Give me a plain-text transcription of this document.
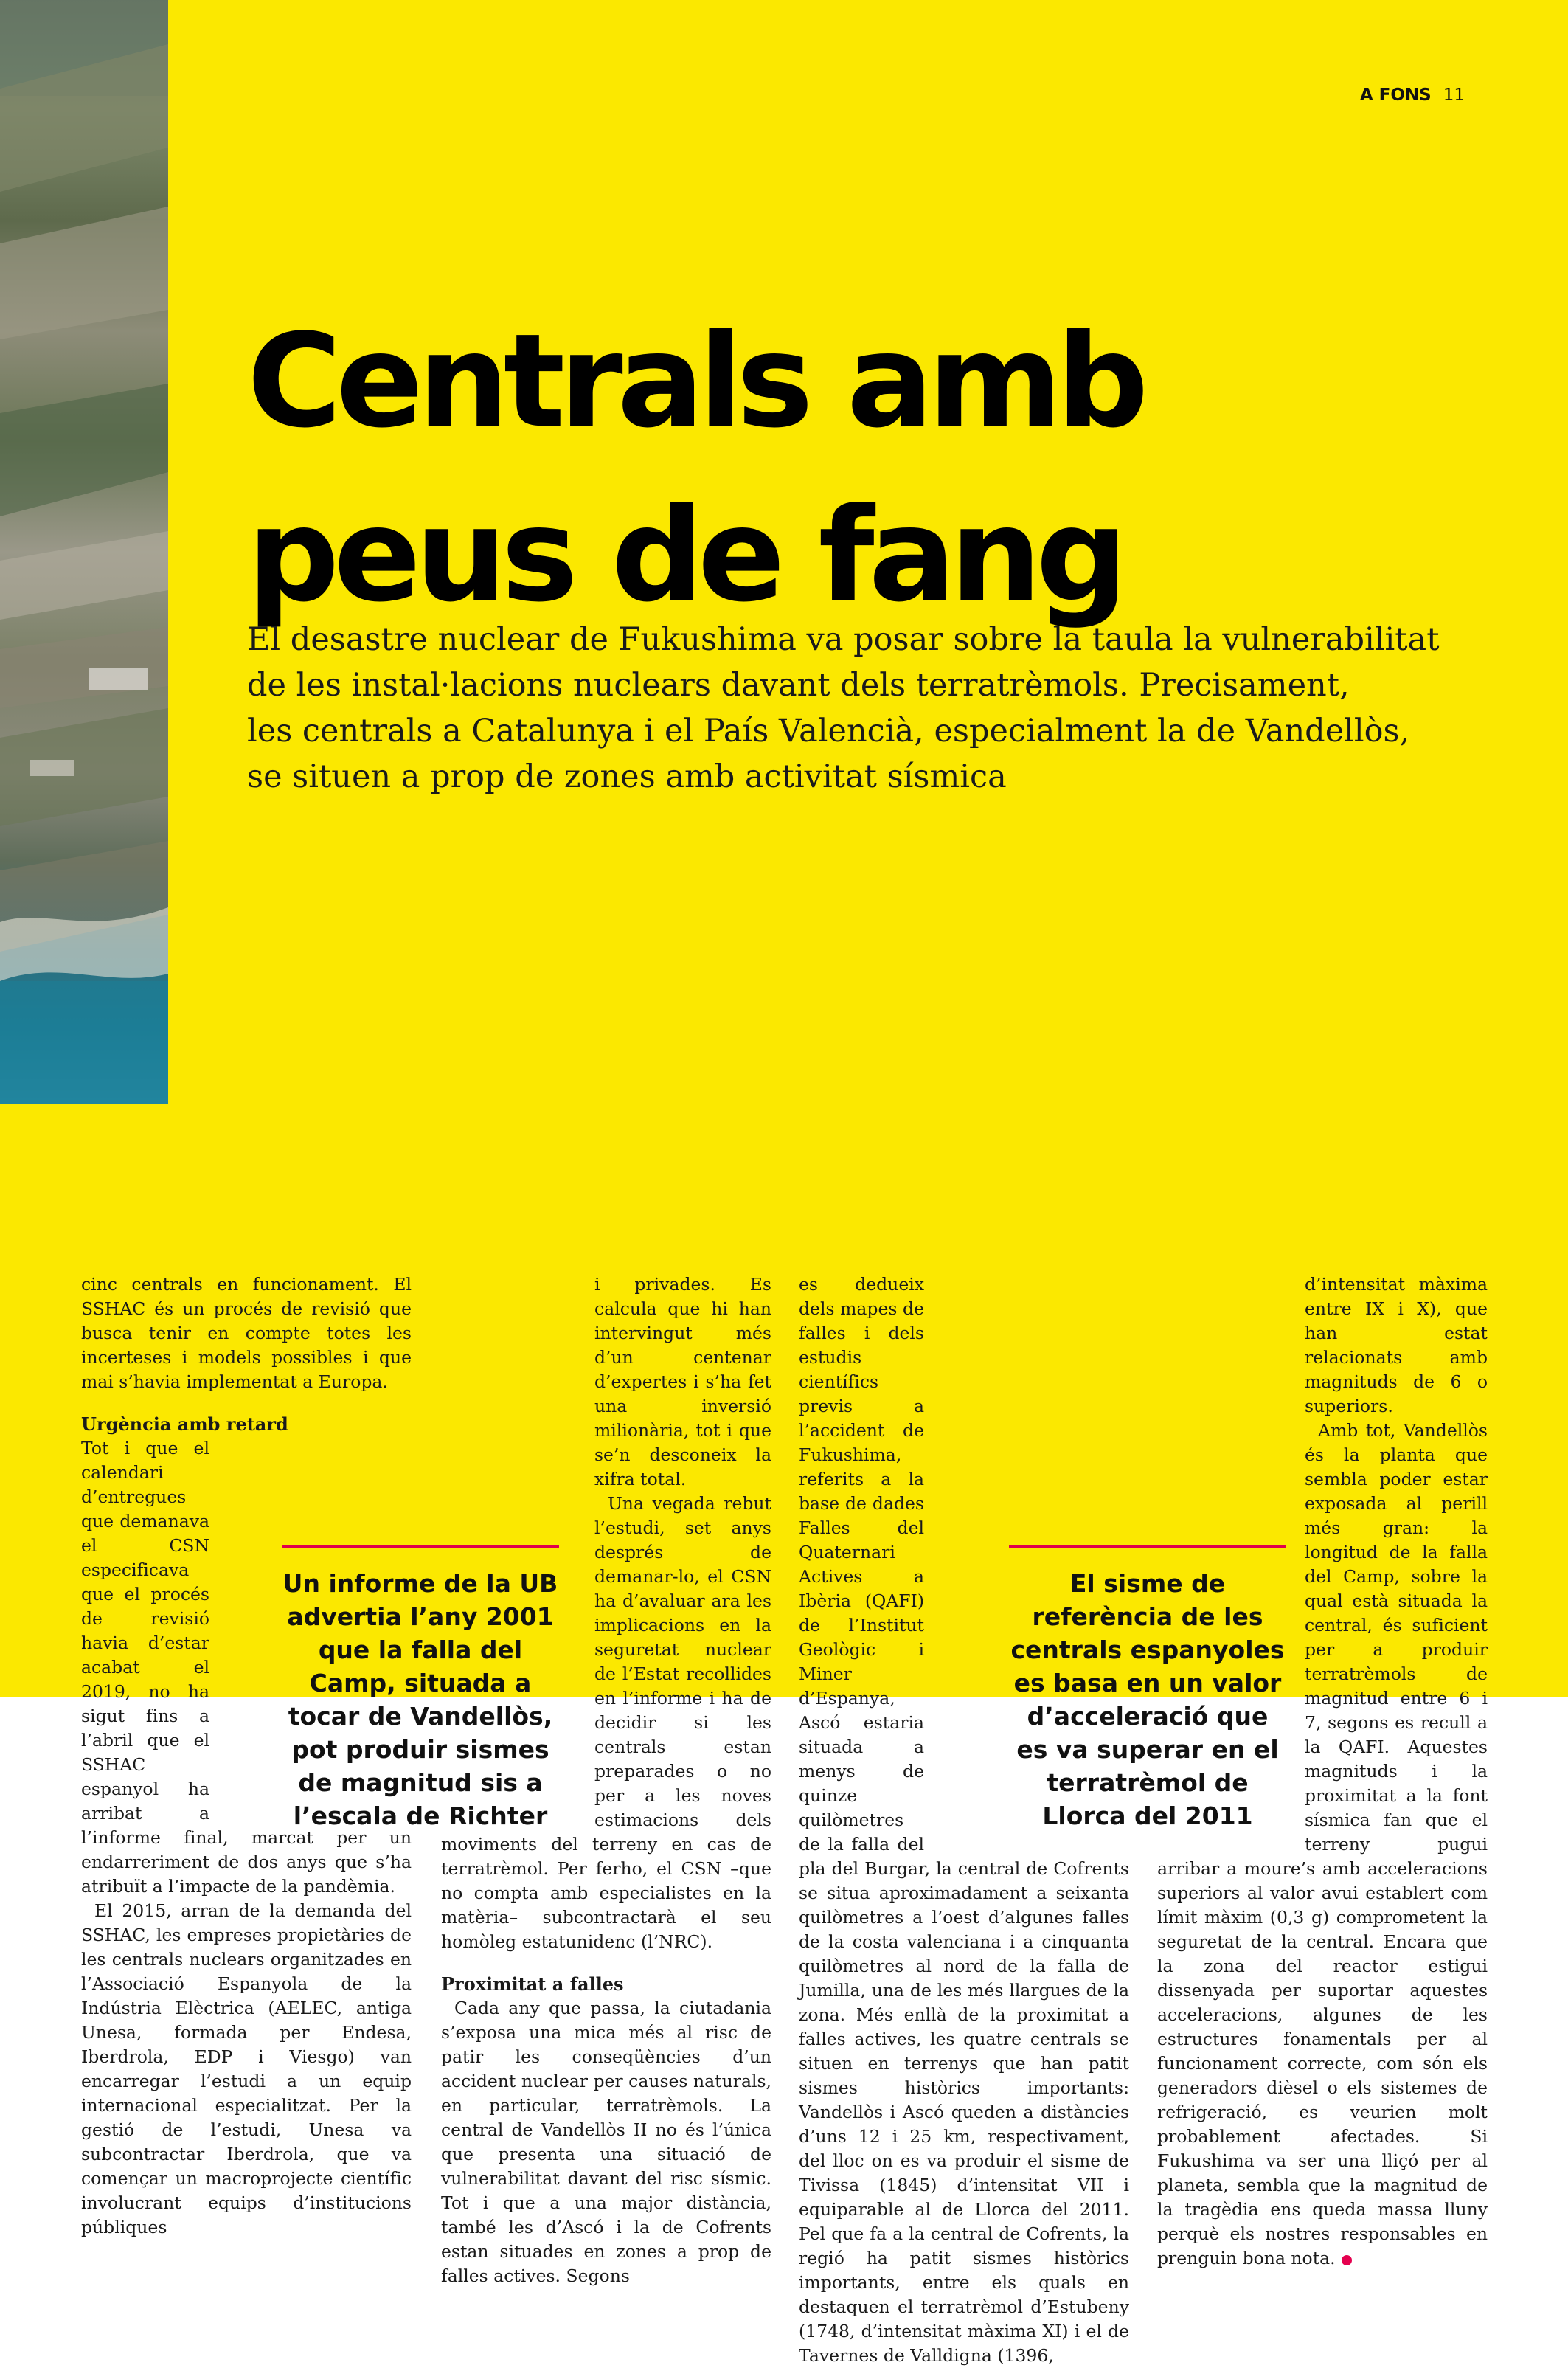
A FONS 11

Centrals amb
peus de fang

El desastre nuclear de Fukushima va posar sobre la taula la vulnerabilitat
de les instal·lacions nuclears davant dels terratrèmols. Precisament,
les centrals a Catalunya i el País Valencià, especialment la de Vandellòs,
se situen a prop de zones amb activitat sísmica

cinc centrals en funcionament. El SSHAC és un procés de revisió que busca tenir en compte totes les incerteses i models possibles i que mai s’havia implementat a Europa.

Urgència amb retard

Tot i que el calendari d’entregues que demanava el CSN especificava que el procés de revisió havia d’estar acabat el 2019, no ha sigut fins a l’abril que el SSHAC espanyol ha arribat a l’informe final, marcat per un endarreriment de dos anys que s’ha atribuït a l’impacte de la pandèmia.

El 2015, arran de la demanda del SSHAC, les empreses propietàries de les centrals nuclears organitzades en l’Associació Espanyola de la Indústria Elèctrica (AELEC, antiga Unesa, formada per Endesa, Iberdrola, EDP i Viesgo) van encarregar l’estudi a un equip internacional especialitzat. Per la gestió de l’estudi, Unesa va subcontractar Iberdrola, que va començar un macroprojecte científic involucrant equips d’institucions públiques

i privades. Es calcula que hi han intervingut més d’un centenar d’expertes i s’ha fet una inversió milionària, tot i que se’n desconeix la xifra total.

Una vegada rebut l’estudi, set anys després de demanar-lo, el CSN ha d’avaluar ara les implicacions en la seguretat nuclear de l’Estat recollides en l’informe i ha de decidir si les centrals estan preparades o no per a les noves estimacions dels moviments del terreny en cas de terratrèmol. Per ferho, el CSN –que no compta amb especialistes en la matèria– subcontractarà el seu homòleg estatunidenc (l’NRC).

Proximitat a falles

Cada any que passa, la ciutadania s’exposa una mica més al risc de patir les conseqüències d’un accident nuclear per causes naturals, en particular, terratrèmols. La central de Vandellòs II no és l’única que presenta una situació de vulnerabilitat davant del risc sísmic. Tot i que a una major distància, també les d’Ascó i la de Cofrents estan situades en zones a prop de falles actives. Segons

es dedueix dels mapes de falles i dels estudis científics previs a l’accident de Fukushima, referits a la base de dades Falles del Quaternari Actives a Ibèria (QAFI) de l’Institut Geològic i Miner d’Espanya, Ascó estaria situada a menys de quinze quilòmetres de la falla del pla del Burgar, la central de Cofrents se situa aproximadament a seixanta quilòmetres a l’oest d’algunes falles de la costa valenciana i a cinquanta quilòmetres al nord de la falla de Jumilla, una de les més llargues de la zona. Més enllà de la proximitat a falles actives, les quatre centrals se situen en terrenys que han patit sismes històrics importants: Vandellòs i Ascó queden a distàncies d’uns 12 i 25 km, respectivament, del lloc on es va produir el sisme de Tivissa (1845) d’intensitat VII i equiparable al de Llorca del 2011. Pel que fa a la central de Cofrents, la regió ha patit sismes històrics importants, entre els quals en destaquen el terratrèmol d’Estubeny (1748, d’intensitat màxima XI) i el de Tavernes de Valldigna (1396,

d’intensitat màxima entre IX i X), que han estat relacionats amb magnituds de 6 o superiors.

Amb tot, Vandellòs és la planta que sembla poder estar exposada al perill més gran: la longitud de la falla del Camp, sobre la qual està situada la central, és suficient per a produir terratrèmols de magnitud entre 6 i 7, segons es recull a la QAFI. Aquestes magnituds i la proximitat a la font sísmica fan que el terreny pugui arribar a moure’s amb acceleracions superiors al valor avui establert com límit màxim (0,3 g) comprometent la seguretat de la central. Encara que la zona del reactor estigui dissenyada per suportar aquestes acceleracions, algunes de les estructures fonamentals per al funcionament correcte, com són els generadors dièsel o els sistemes de refrigeració, es veurien molt probablement afectades. Si Fukushima va ser una lliçó per al planeta, sembla que la magnitud de la tragèdia ens queda massa lluny perquè els nostres responsables en prenguin bona nota.

Un informe de la UB advertia l’any 2001 que la falla del Camp, situada a tocar de Vandellòs, pot produir sismes de magnitud sis a l’escala de Richter
El sisme de referència de les centrals espanyoles es basa en un valor d’acceleració que es va superar en el terratrèmol de Llorca del 2011
